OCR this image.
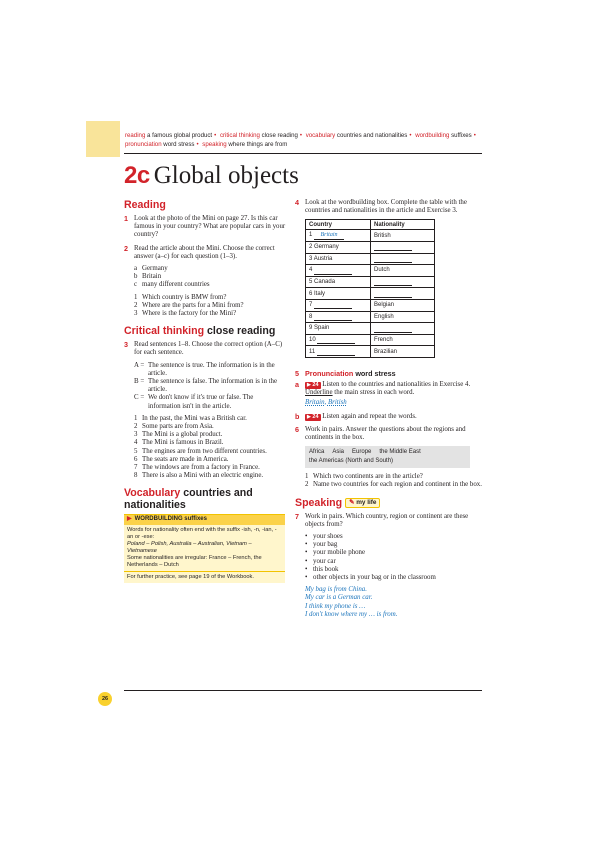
reading a famous global product • critical thinking close reading • vocabulary countries and nationalities • wordbuilding suffixes • pronunciation word stress • speaking where things are from
2c Global objects
Reading
1 Look at the photo of the Mini on page 27. Is this car famous in your country? What are popular cars in your country?
2 Read the article about the Mini. Choose the correct answer (a–c) for each question (1–3).
a Germany
b Britain
c many different countries
1 Which country is BMW from?
2 Where are the parts for a Mini from?
3 Where is the factory for the Mini?
Critical thinking close reading
3 Read sentences 1–8. Choose the correct option (A–C) for each sentence.
A = The sentence is true. The information is in the article.
B = The sentence is false. The information is in the article.
C = We don't know if it's true or false. The information isn't in the article.
1 In the past, the Mini was a British car.
2 Some parts are from Asia.
3 The Mini is a global product.
4 The Mini is famous in Brazil.
5 The engines are from two different countries.
6 The seats are made in America.
7 The windows are from a factory in France.
8 There is also a Mini with an electric engine.
Vocabulary countries and
nationalities
▶ WORDBUILDING suffixes
Words for nationality often end with the suffix -ish, -n, -ian, -an or -ese:
Poland – Polish, Australia – Australian, Vietnam – Vietnamese
Some nationalities are irregular: France – French, the Netherlands – Dutch
For further practice, see page 19 of the Workbook.
4 Look at the wordbuilding box. Complete the table with the countries and nationalities in the article and Exercise 3.
Country	Nationality
1 Britain	British
2 Germany	
3 Austria	
4	Dutch
5 Canada	
6 Italy	
7	Belgian
8	English
9 Spain	
10	French
11	Brazilian
5 Pronunciation
word stress
a	▶ 24 Listen to the countries and nationalities in Exercise 4. Underline the main stress in each word.
Britain, British
b	▶ 24 Listen again and repeat the words.
6 Work in pairs. Answer the questions about the regions and continents in the box.
Africa Asia Europe the Middle East
the Americas (North and South)
1 Which two continents are in the article?
2 Name two countries for each region and continent in the box.
Speaking ✎ my life
7 Work in pairs. Which country, region or continent are these objects from?
• your shoes
• your bag
• your mobile phone
• your car
• this book
• other objects in your bag or in the classroom
My bag is from China.
My car is a German car.
I think my phone is …
I don't know where my … is from.
26
